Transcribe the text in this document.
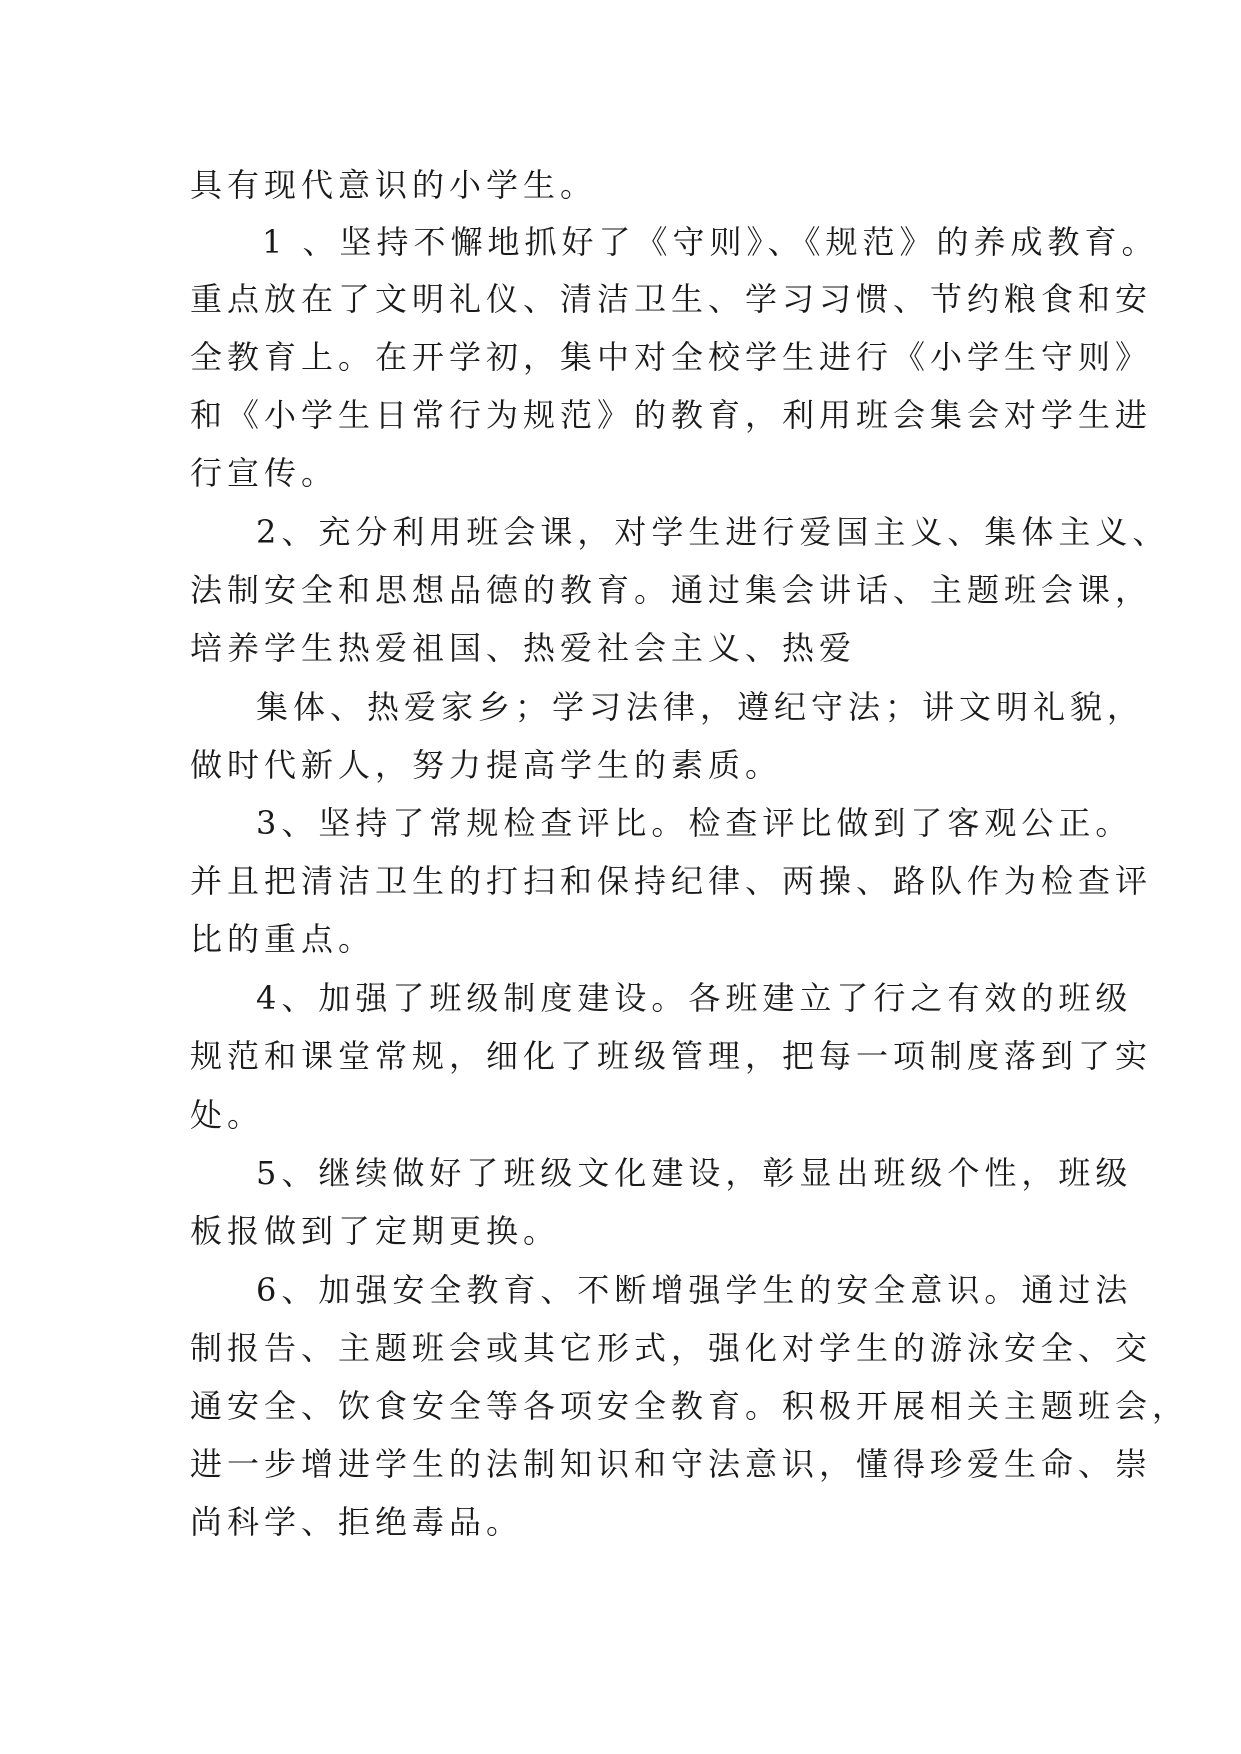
具有现代意识的小学生。
1 、坚持不懈地抓好了《守则》、《规范》的养成教育。
重点放在了文明礼仪、清洁卫生、学习习惯、节约粮食和安
全教育上。在开学初，集中对全校学生进行《小学生守则》
和《小学生日常行为规范》的教育，利用班会集会对学生进
行宣传。
2、充分利用班会课，对学生进行爱国主义、集体主义、
法制安全和思想品德的教育。通过集会讲话、主题班会课，
培养学生热爱祖国、热爱社会主义、热爱
集体、热爱家乡；学习法律，遵纪守法；讲文明礼貌，
做时代新人，努力提高学生的素质。
3、坚持了常规检查评比。检查评比做到了客观公正。
并且把清洁卫生的打扫和保持纪律、两操、路队作为检查评
比的重点。
4、加强了班级制度建设。各班建立了行之有效的班级
规范和课堂常规，细化了班级管理，把每一项制度落到了实
处。
5、继续做好了班级文化建设，彰显出班级个性，班级
板报做到了定期更换。
6、加强安全教育、不断增强学生的安全意识。通过法
制报告、主题班会或其它形式，强化对学生的游泳安全、交
通安全、饮食安全等各项安全教育。积极开展相关主题班会，
进一步增进学生的法制知识和守法意识，懂得珍爱生命、崇
尚科学、拒绝毒品。
